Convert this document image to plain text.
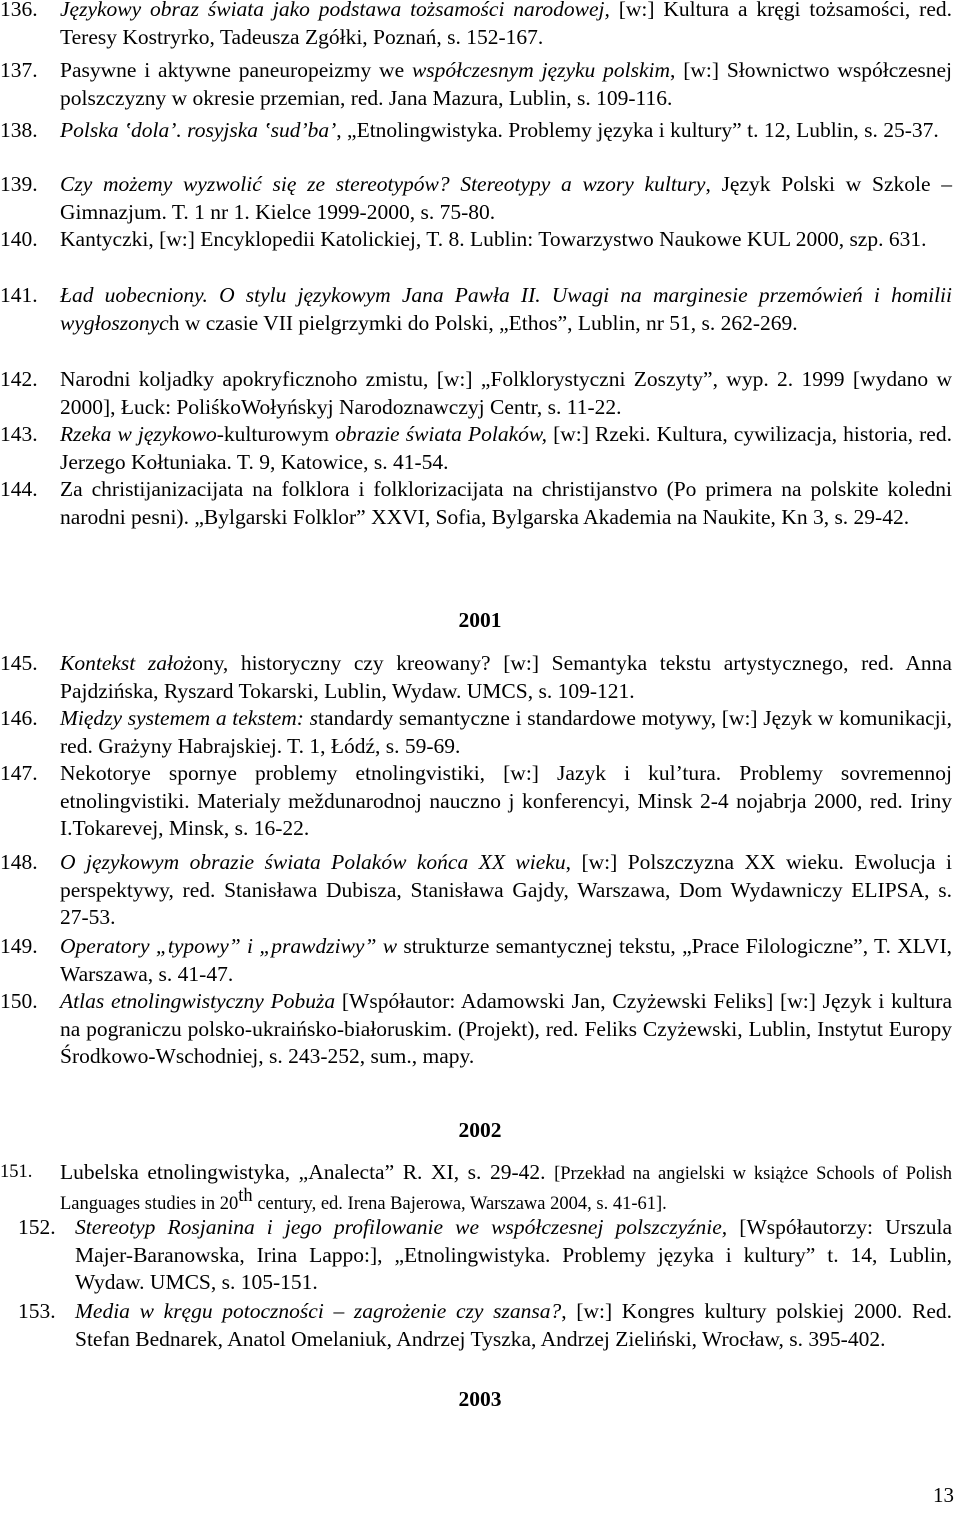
136. Językowy obraz świata jako podstawa tożsamości narodowej, [w:] Kultura a kręgi tożsamości, red. Teresy Kostryrko, Tadeusza Zgółki, Poznań, s. 152-167.
137. Pasywne i aktywne paneuropeizmy we współczesnym języku polskim, [w:] Słownictwo współczesnej polszczyzny w okresie przemian, red. Jana Mazura, Lublin, s. 109-116.
138. Polska ‛dola’. rosyjska ‛sud’ba’, „Etnolingwistyka. Problemy języka i kultury” t. 12, Lublin, s. 25-37.
139. Czy możemy wyzwolić się ze stereotypów? Stereotypy a wzory kultury, Język Polski w Szkole – Gimnazjum. T. 1 nr 1. Kielce 1999-2000, s. 75-80.
140. Kantyczki, [w:] Encyklopedii Katolickiej, T. 8. Lublin: Towarzystwo Naukowe KUL 2000, szp. 631.
141. Ład uobecniony. O stylu językowym Jana Pawła II. Uwagi na marginesie przemówień i homilii wygłoszonych w czasie VII pielgrzymki do Polski, „Ethos”, Lublin, nr 51, s. 262-269.
142. Narodni koljadky apokryficznoho zmistu, [w:] „Folklorystyczni Zoszyty”, wyp. 2. 1999 [wydano w 2000], Łuck: PoliśkoWołyńskyj Narodoznawczyj Centr, s. 11-22.
143. Rzeka w językowo-kulturowym obrazie świata Polaków, [w:] Rzeki. Kultura, cywilizacja, historia, red. Jerzego Kołtuniaka. T. 9, Katowice, s. 41-54.
144. Za christijanizacijata na folklora i folklorizacijata na christijanstvo (Po primera na polskite koledni narodni pesni). „Bylgarski Folklor” XXVI, Sofia, Bylgarska Akademia na Naukite, Kn 3, s. 29-42.
2001
145. Kontekst założony, historyczny czy kreowany? [w:] Semantyka tekstu artystycznego, red. Anna Pajdzińska, Ryszard Tokarski, Lublin, Wydaw. UMCS, s. 109-121.
146. Między systemem a tekstem: standardy semantyczne i standardowe motywy, [w:] Język w komunikacji, red. Grażyny Habrajskiej. T. 1, Łódź, s. 59-69.
147. Nekotorye spornye problemy etnolingvistiki, [w:] Jazyk i kul’tura. Problemy sovremennoj etnolingvistiki. Materialy meždunarodnoj nauczno j konferencyi, Minsk 2-4 nojabrja 2000, red. Iriny I.Tokarevej, Minsk, s. 16-22.
148. O językowym obrazie świata Polaków końca XX wieku, [w:] Polszczyzna XX wieku. Ewolucja i perspektywy, red. Stanisława Dubisza, Stanisława Gajdy, Warszawa, Dom Wydawniczy ELIPSA, s. 27-53.
149. Operatory „typowy” i „prawdziwy” w strukturze semantycznej tekstu, „Prace Filologiczne”, T. XLVI, Warszawa, s. 41-47.
150. Atlas etnolingwistyczny Pobuża [Współautor: Adamowski Jan, Czyżewski Feliks] [w:] Język i kultura na pograniczu polsko-ukraińsko-białoruskim. (Projekt), red. Feliks Czyżewski, Lublin, Instytut Europy Środkowo-Wschodniej, s. 243-252, sum., mapy.
2002
151. Lubelska etnolingwistyka, „Analecta” R. XI, s. 29-42. [Przekład na angielski w książce Schools of Polish Languages studies in 20th century, ed. Irena Bajerowa, Warszawa 2004, s. 41-61].
152. Stereotyp Rosjanina i jego profilowanie we współczesnej polszczyźnie, [Współautorzy: Urszula Majer-Baranowska, Irina Lappo:], „Etnolingwistyka. Problemy języka i kultury” t. 14, Lublin, Wydaw. UMCS, s. 105-151.
153. Media w kręgu potoczności – zagrożenie czy szansa?, [w:] Kongres kultury polskiej 2000. Red. Stefan Bednarek, Anatol Omelaniuk, Andrzej Tyszka, Andrzej Zieliński, Wrocław, s. 395-402.
2003
13
